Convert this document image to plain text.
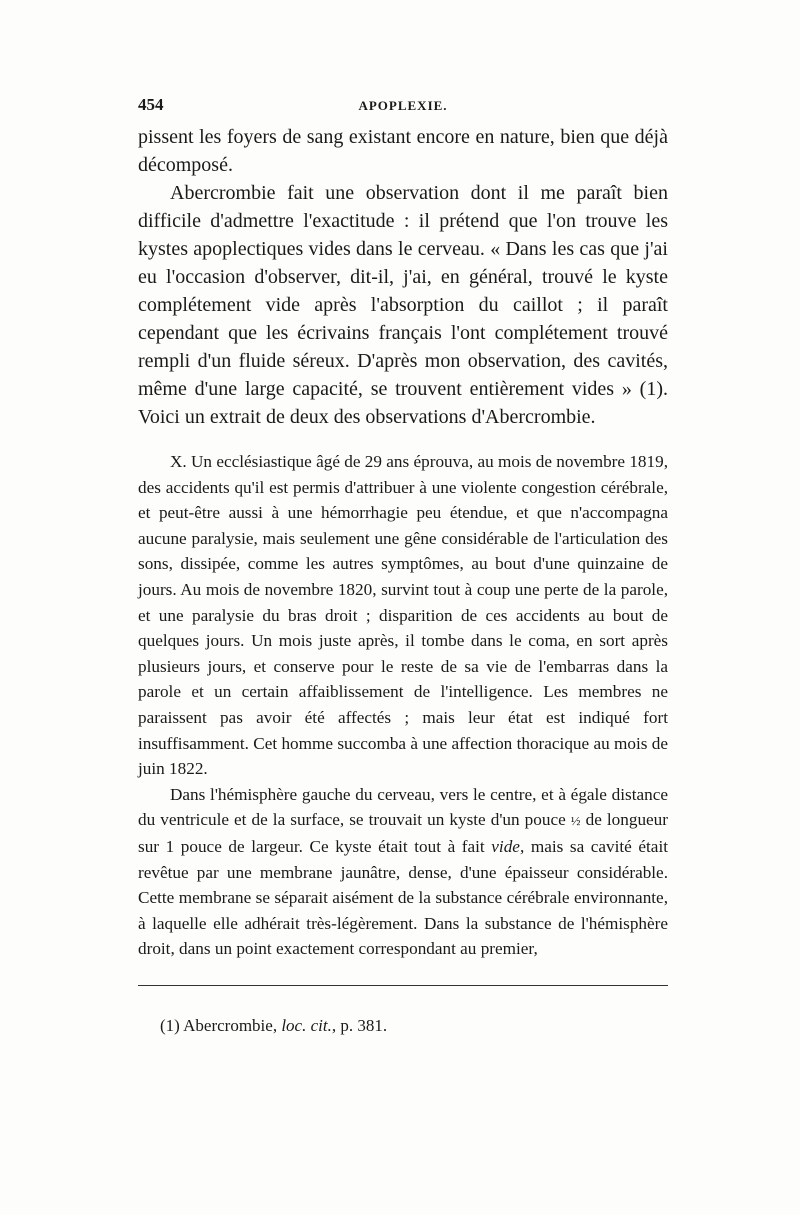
454	APOPLEXIE.

pissent les foyers de sang existant encore en nature, bien que déjà décomposé.

Abercrombie fait une observation dont il me paraît bien difficile d'admettre l'exactitude : il prétend que l'on trouve les kystes apoplectiques vides dans le cerveau. « Dans les cas que j'ai eu l'occasion d'observer, dit-il, j'ai, en général, trouvé le kyste complétement vide après l'absorption du caillot ; il paraît cependant que les écrivains français l'ont complétement trouvé rempli d'un fluide séreux. D'après mon observation, des cavités, même d'une large capacité, se trouvent entièrement vides » (1). Voici un extrait de deux des observations d'Abercrombie.

X. Un ecclésiastique âgé de 29 ans éprouva, au mois de novembre 1819, des accidents qu'il est permis d'attribuer à une violente congestion cérébrale, et peut-être aussi à une hémorrhagie peu étendue, et que n'accompagna aucune paralysie, mais seulement une gêne considérable de l'articulation des sons, dissipée, comme les autres symptômes, au bout d'une quinzaine de jours. Au mois de novembre 1820, survint tout à coup une perte de la parole, et une paralysie du bras droit ; disparition de ces accidents au bout de quelques jours. Un mois juste après, il tombe dans le coma, en sort après plusieurs jours, et conserve pour le reste de sa vie de l'embarras dans la parole et un certain affaiblissement de l'intelligence. Les membres ne paraissent pas avoir été affectés ; mais leur état est indiqué fort insuffisamment. Cet homme succomba à une affection thoracique au mois de juin 1822.

Dans l'hémisphère gauche du cerveau, vers le centre, et à égale distance du ventricule et de la surface, se trouvait un kyste d'un pouce ½ de longueur sur 1 pouce de largeur. Ce kyste était tout à fait vide, mais sa cavité était revêtue par une membrane jaunâtre, dense, d'une épaisseur considérable. Cette membrane se séparait aisément de la substance cérébrale environnante, à laquelle elle adhérait très-légèrement. Dans la substance de l'hémisphère droit, dans un point exactement correspondant au premier,

(1) Abercrombie, loc. cit., p. 381.
